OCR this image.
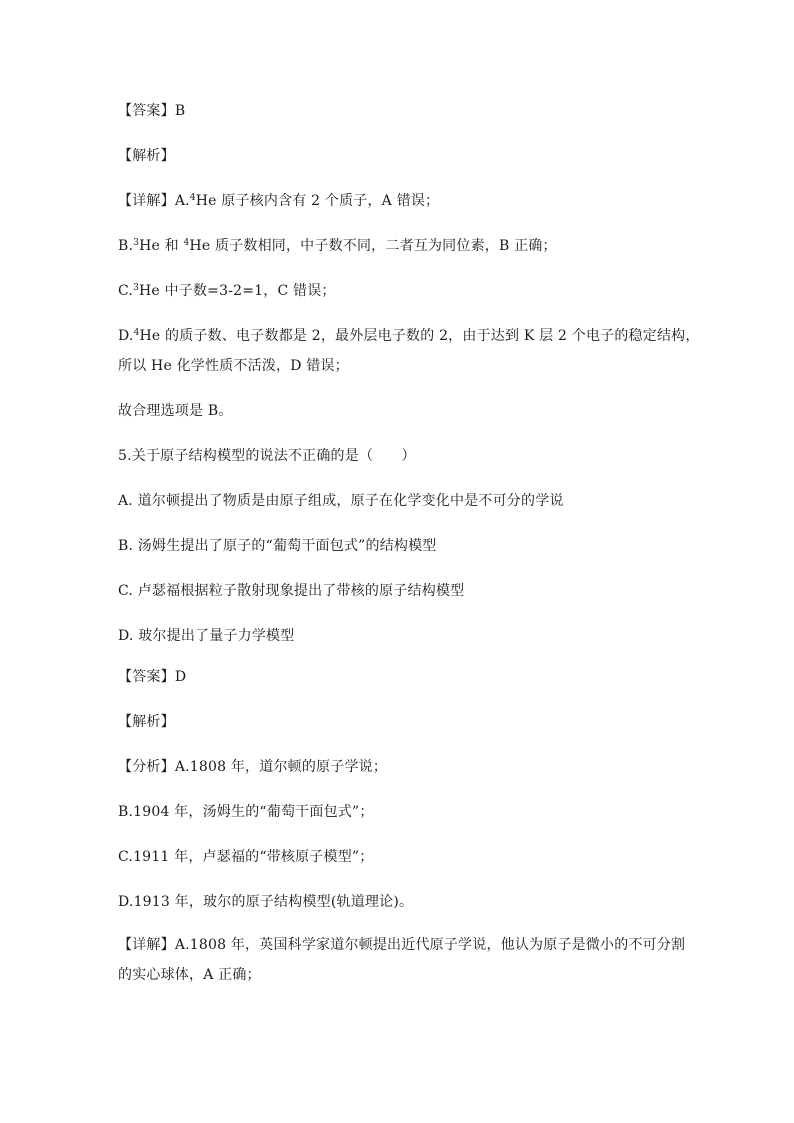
【答案】B
【解析】
【详解】A.$^4$He 原子核内含有 2 个质子，A 错误；
B.$^3$He 和 $^4$He 质子数相同，中子数不同，二者互为同位素，B 正确；
C.$^3$He 中子数=3-2=1，C 错误；
D.$^4$He 的质子数、电子数都是 2，最外层电子数的 2，由于达到 K 层 2 个电子的稳定结构，
所以 He 化学性质不活泼，D 错误；
故合理选项是 B。
5.关于原子结构模型的说法不正确的是（　　）
A. 道尔顿提出了物质是由原子组成，原子在化学变化中是不可分的学说
B. 汤姆生提出了原子的“葡萄干面包式”的结构模型
C. 卢瑟福根据粒子散射现象提出了带核的原子结构模型
D. 玻尔提出了量子力学模型
【答案】D
【解析】
【分析】A.1808 年，道尔顿的原子学说；
B.1904 年，汤姆生的“葡萄干面包式”；
C.1911 年，卢瑟福的“带核原子模型”；
D.1913 年，玻尔的原子结构模型(轨道理论)。
【详解】A.1808 年，英国科学家道尔顿提出近代原子学说，他认为原子是微小的不可分割
的实心球体，A 正确；
